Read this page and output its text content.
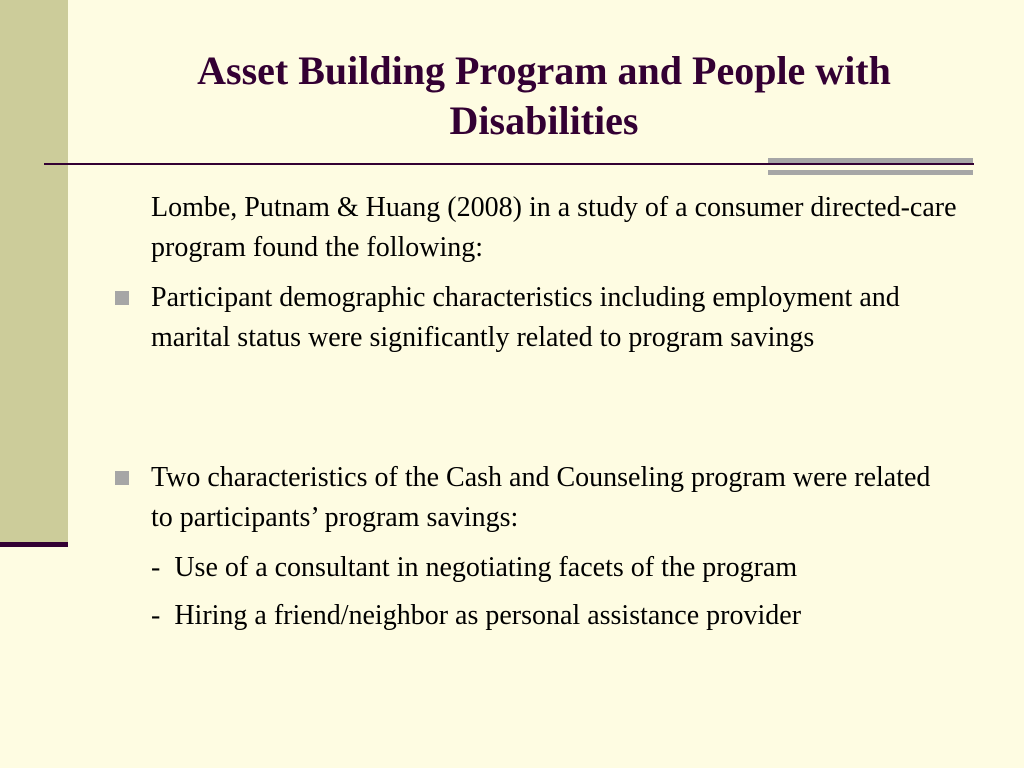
Asset Building Program and People with Disabilities
Lombe, Putnam & Huang (2008) in a study of a consumer directed-care program found the following:
Participant demographic characteristics including employment and marital status were significantly related to program savings
Two characteristics of the Cash and Counseling program were related to participants’ program savings:
-  Use of a consultant in negotiating facets of the program
-  Hiring a friend/neighbor as personal assistance provider
